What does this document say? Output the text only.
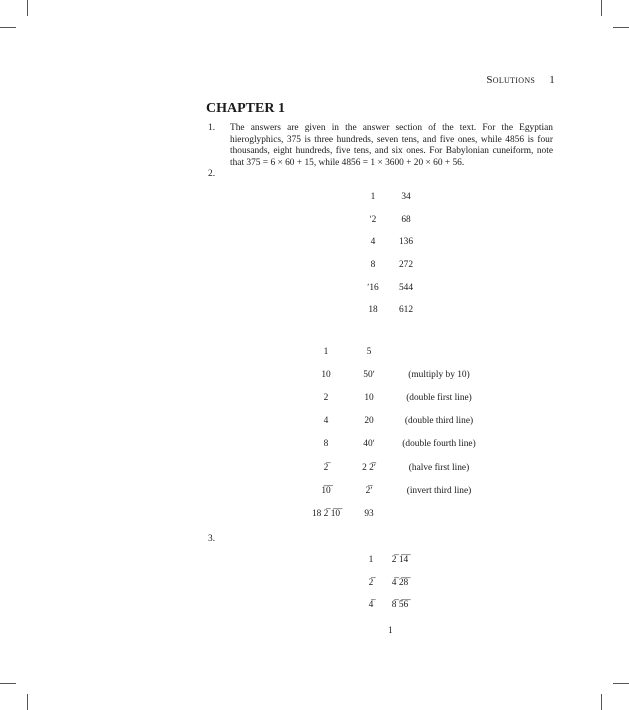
Solutions 1
CHAPTER 1
1.	The answers are given in the answer section of the text. For the Egyptian hieroglyphics, 375 is three hundreds, seven tens, and five ones, while 4856 is four thousands, eight hundreds, five tens, and six ones. For Babylonian cuneiform, note that 375 = 6 × 60 + 15, while 4856 = 1 × 3600 + 20 × 60 + 56.
2.
1	34
ʹ2	68
4	136
8	272
ʹ16	544
18	612
1	5	
10	50ʹ	(multiply by 10)
2	10	(double first line)
4	20	(double third line)
8	40ʹ	(double fourth line)
2̅	2 2̅ʹ	(halve first line)
1̅0̅	2̅ʹ	(invert third line)
18 2̅ 1̅0̅	93	
3.
1	2̅ 1̅4̅
2̅	4̅ 2̅8̅
4̅	8̅ 5̅6̅
1
